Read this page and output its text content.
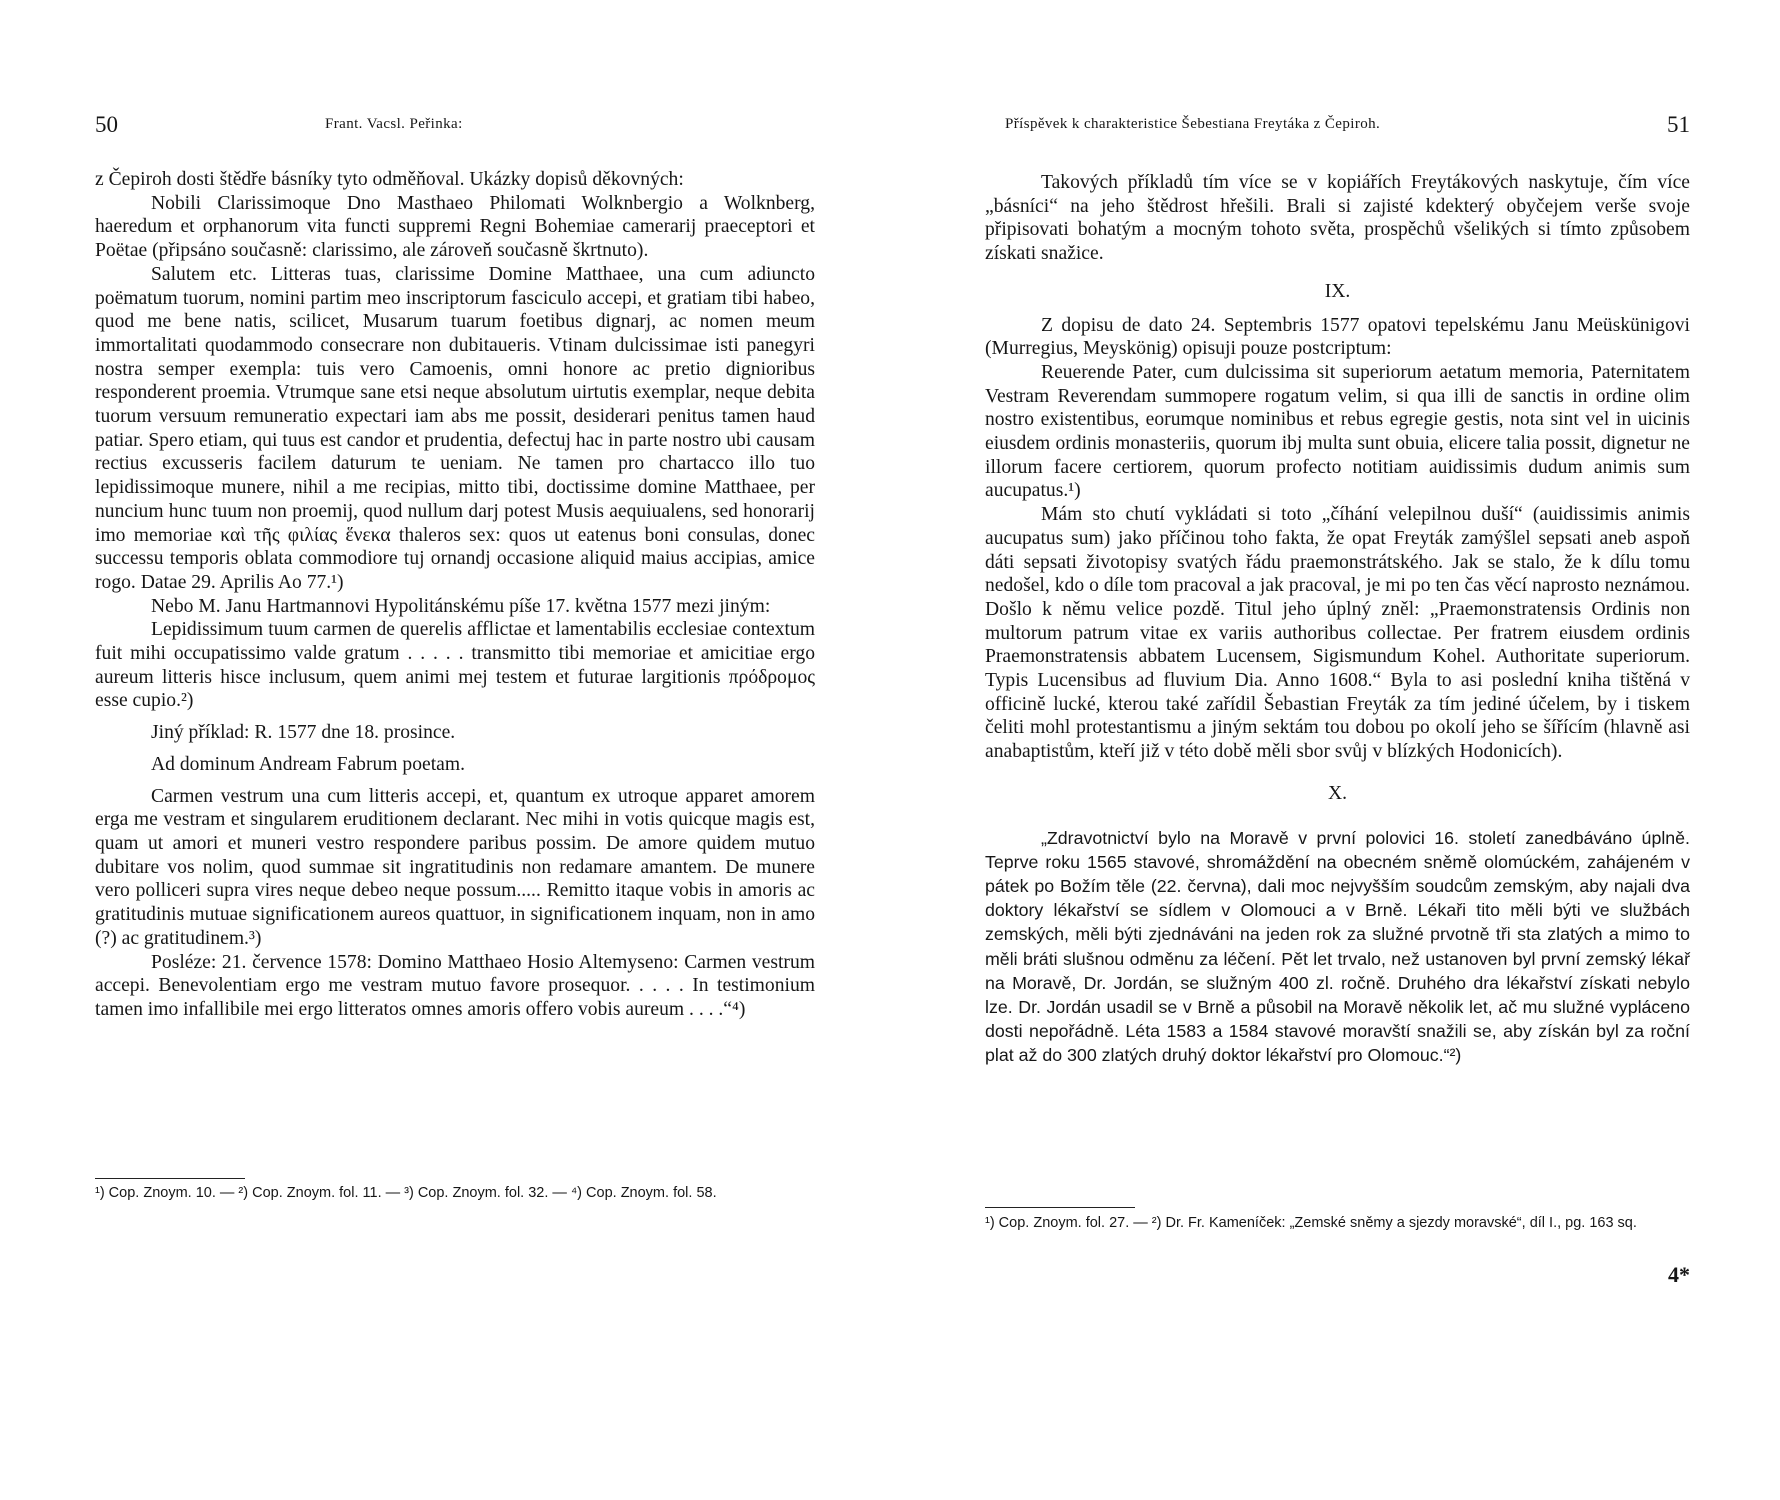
50	Frant. Vacsl. Peřinka:

z Čepiroh dosti štědře básníky tyto odměňoval. Ukázky dopisů děkovných:

Nobili Clarissimoque Dno Masthaeo Philomati Wolknbergio a Wolknberg, haeredum et orphanorum vita functi suppremi Regni Bohemiae camerarij praeceptori et Poëtae (připsáno současně: clarissimo, ale zároveň současně škrtnuto).

Salutem etc. Litteras tuas, clarissime Domine Matthaee, una cum adiuncto poëmatum tuorum, nomini partim meo inscriptorum fasciculo accepi, et gratiam tibi habeo, quod me bene natis, scilicet, Musarum tuarum foetibus dignarj, ac nomen meum immortalitati quodammodo consecrare non dubitaueris. Vtinam dulcissimae isti panegyri nostra semper exempla: tuis vero Camoenis, omni honore ac pretio dignioribus responderent proemia. Vtrumque sane etsi neque absolutum uirtutis exemplar, neque debita tuorum versuum remuneratio expectari iam abs me possit, desiderari penitus tamen haud patiar. Spero etiam, qui tuus est candor et prudentia, defectuj hac in parte nostro ubi causam rectius excusseris facilem daturum te ueniam. Ne tamen pro chartacco illo tuo lepidissimoque munere, nihil a me recipias, mitto tibi, doctissime domine Matthaee, per nuncium hunc tuum non proemij, quod nullum darj potest Musis aequiualens, sed honorarij imo memoriae καὶ τῆς φιλίας ἕνεκα thaleros sex: quos ut eatenus boni consulas, donec successu temporis oblata commodiore tuj ornandj occasione aliquid maius accipias, amice rogo. Datae 29. Aprilis Ao 77.¹)

Nebo M. Janu Hartmannovi Hypolitánskému píše 17. května 1577 mezi jiným:

Lepidissimum tuum carmen de querelis afflictae et lamentabilis ecclesiae contextum fuit mihi occupatissimo valde gratum . . . . . transmitto tibi memoriae et amicitiae ergo aureum litteris hisce inclusum, quem animi mej testem et futurae largitionis πρόδρομος esse cupio.²)

Jiný příklad: R. 1577 dne 18. prosince.

Ad dominum Andream Fabrum poetam.

Carmen vestrum una cum litteris accepi, et, quantum ex utroque apparet amorem erga me vestram et singularem eruditionem declarant. Nec mihi in votis quicque magis est, quam ut amori et muneri vestro respondere paribus possim. De amore quidem mutuo dubitare vos nolim, quod summae sit ingratitudinis non redamare amantem. De munere vero polliceri supra vires neque debeo neque possum..... Remitto itaque vobis in amoris ac gratitudinis mutuae significationem aureos quattuor, in significationem inquam, non in amo (?) ac gratitudinem.³)

Posléze: 21. července 1578: Domino Matthaeo Hosio Altemyseno: Carmen vestrum accepi. Benevolentiam ergo me vestram mutuo favore prosequor. . . . . In testimonium tamen imo infallibile mei ergo litteratos omnes amoris offero vobis aureum . . . .“⁴)

¹) Cop. Znoym. 10. — ²) Cop. Znoym. fol. 11. — ³) Cop. Znoym. fol. 32. — ⁴) Cop. Znoym. fol. 58.
Příspěvek k charakteristice Šebestiana Freytáka z Čepiroh.	51

Takových příkladů tím více se v kopiářích Freytákových naskytuje, čím více „básníci“ na jeho štědrost hřešili. Brali si zajisté kdekterý obyčejem verše svoje připisovati bohatým a mocným tohoto světa, prospěchů všelikých si tímto způsobem získati snažice.

IX.

Z dopisu de dato 24. Septembris 1577 opatovi tepelskému Janu Meüskünigovi (Murregius, Meyskönig) opisuji pouze postcriptum:

Reuerende Pater, cum dulcissima sit superiorum aetatum memoria, Paternitatem Vestram Reverendam summopere rogatum velim, si qua illi de sanctis in ordine olim nostro existentibus, eorumque nominibus et rebus egregie gestis, nota sint vel in uicinis eiusdem ordinis monasteriis, quorum ibj multa sunt obuia, elicere talia possit, dignetur ne illorum facere certiorem, quorum profecto notitiam auidissimis dudum animis sum aucupatus.¹)

Mám sto chutí vykládati si toto „číhání velepilnou duší“ (auidissimis animis aucupatus sum) jako příčinou toho fakta, že opat Freyták zamýšlel sepsati aneb aspoň dáti sepsati životopisy svatých řádu praemonstrátského. Jak se stalo, že k dílu tomu nedošel, kdo o díle tom pracoval a jak pracoval, je mi po ten čas věcí naprosto neznámou. Došlo k němu velice pozdě. Titul jeho úplný zněl: „Praemonstratensis Ordinis non multorum patrum vitae ex variis authoribus collectae. Per fratrem eiusdem ordinis Praemonstratensis abbatem Lucensem, Sigismundum Kohel. Authoritate superiorum. Typis Lucensibus ad fluvium Dia. Anno 1608.“ Byla to asi poslední kniha tištěná v officině lucké, kterou také zařídil Šebastian Freyták za tím jediné účelem, by i tiskem čeliti mohl protestantismu a jiným sektám tou dobou po okolí jeho se šířícím (hlavně asi anabaptistům, kteří již v této době měli sbor svůj v blízkých Hodonicích).

X.

„Zdravotnictví bylo na Moravě v první polovici 16. století zanedbáváno úplně. Teprve roku 1565 stavové, shromáždění na obecném sněmě olomúckém, zahájeném v pátek po Božím těle (22. června), dali moc nejvyšším soudcům zemským, aby najali dva doktory lékařství se sídlem v Olomouci a v Brně. Lékaři tito měli býti ve službách zemských, měli býti zjednáváni na jeden rok za služné prvotně tři sta zlatých a mimo to měli bráti slušnou odměnu za léčení. Pět let trvalo, než ustanoven byl první zemský lékař na Moravě, Dr. Jordán, se služným 400 zl. ročně. Druhého dra lékařství získati nebylo lze. Dr. Jordán usadil se v Brně a působil na Moravě několik let, ač mu služné vypláceno dosti nepořádně. Léta 1583 a 1584 stavové moravští snažili se, aby získán byl za roční plat až do 300 zlatých druhý doktor lékařství pro Olomouc.“²)

¹) Cop. Znoym. fol. 27. — ²) Dr. Fr. Kameníček: „Zemské sněmy a sjezdy moravské“, díl I., pg. 163 sq.
4*
